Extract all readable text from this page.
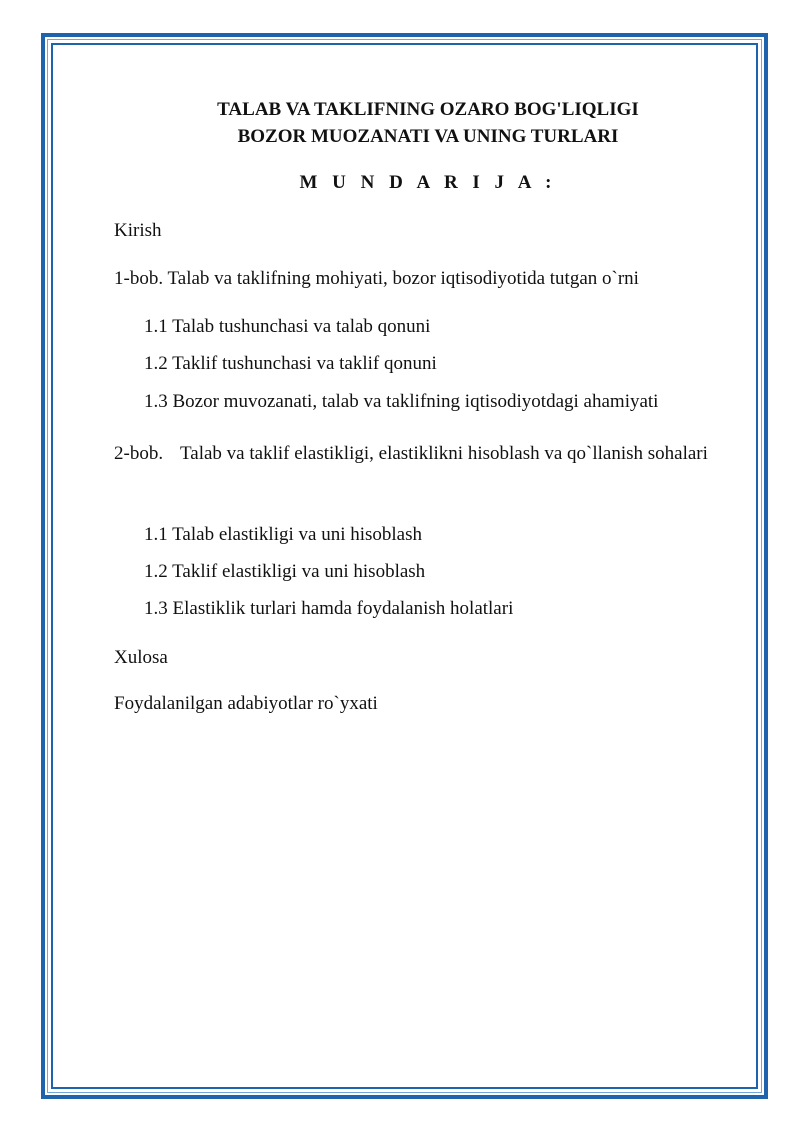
TALAB VA TAKLIFNING OZARO BOG'LIQLIGI
BOZOR MUOZANATI VA UNING TURLARI
M U N D A R I J A :
Kirish
1-bob. Talab va taklifning mohiyati, bozor iqtisodiyotida tutgan o`rni
1.1 Talab tushunchasi va talab qonuni
1.2 Taklif tushunchasi va taklif qonuni
1.3 Bozor muvozanati, talab va taklifning iqtisodiyotdagi ahamiyati
2-bob. Talab va taklif elastikligi, elastiklikni hisoblash va qo`llanish sohalari
1.1 Talab elastikligi va uni hisoblash
1.2 Taklif elastikligi va uni hisoblash
1.3 Elastiklik turlari hamda foydalanish holatlari
Xulosa
Foydalanilgan adabiyotlar ro`yxati
